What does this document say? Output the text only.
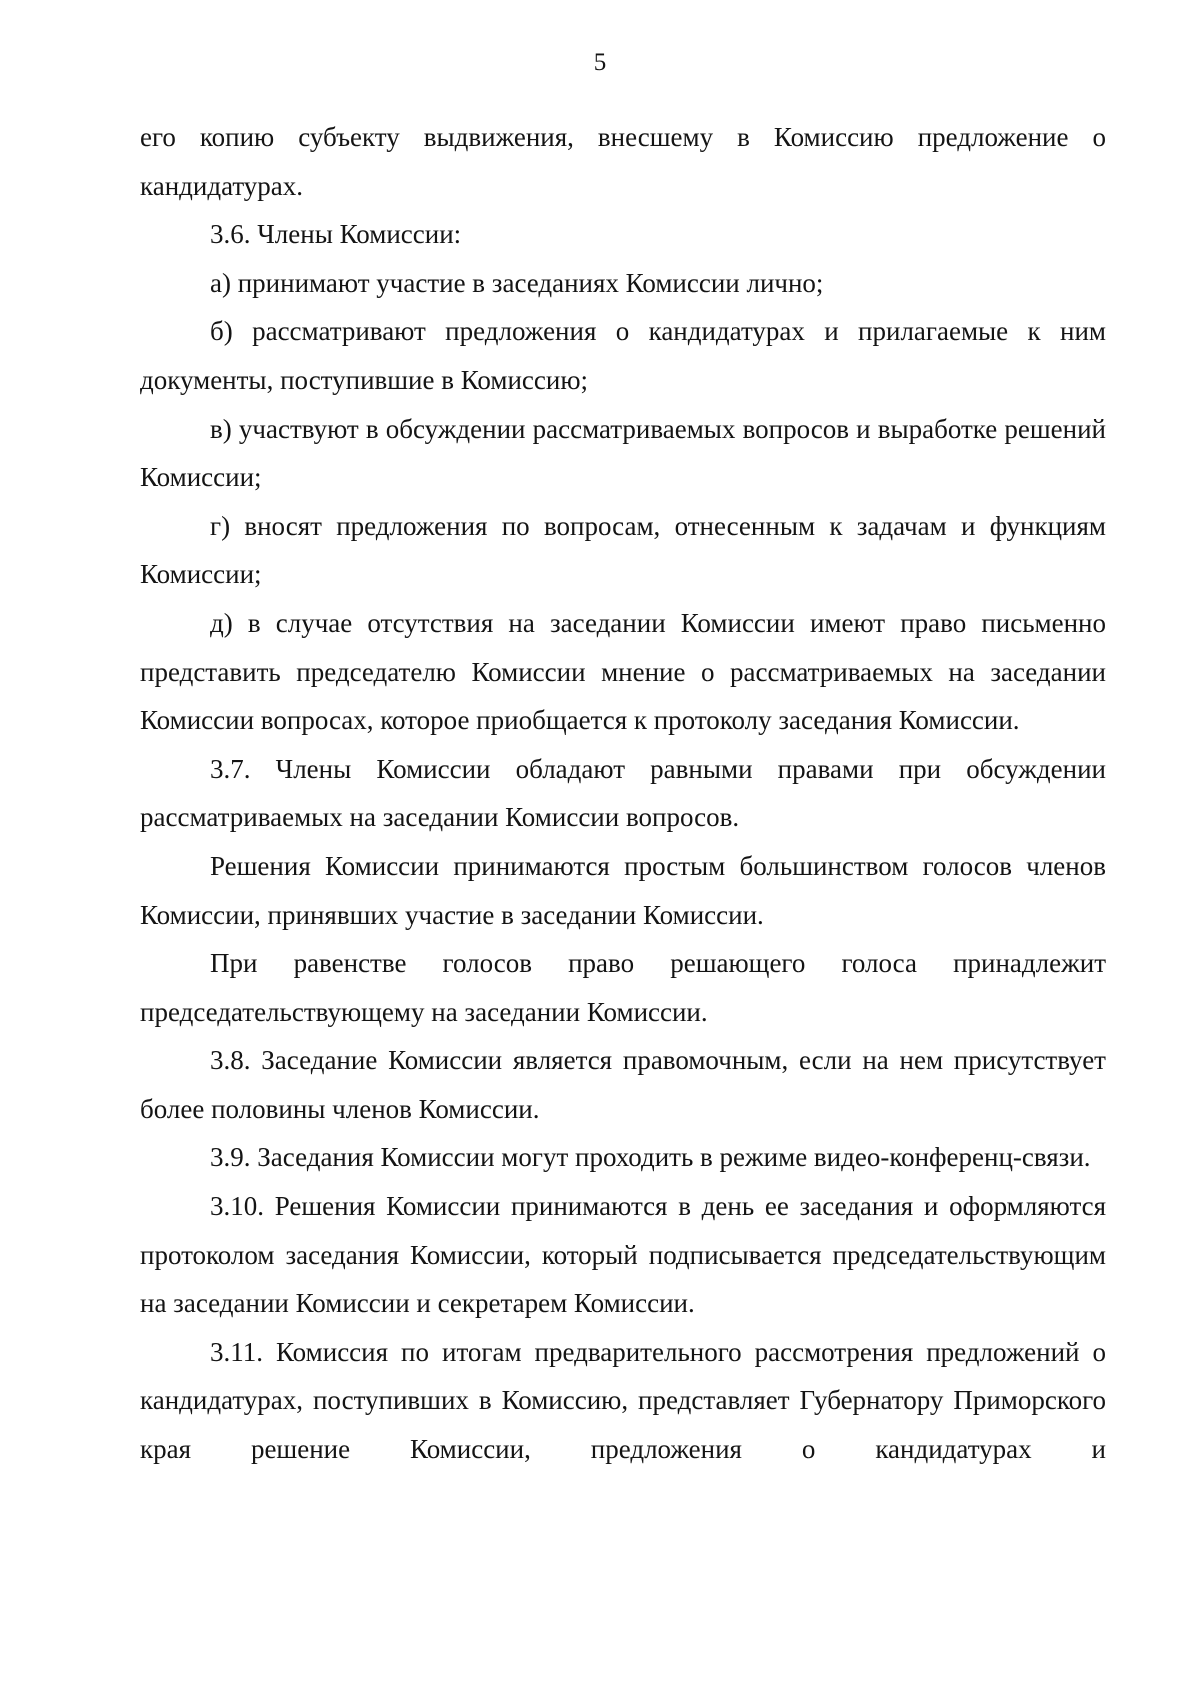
5

его копию субъекту выдвижения, внесшему в Комиссию предложение о кандидатурах.

3.6. Члены Комиссии:

а) принимают участие в заседаниях Комиссии лично;

б) рассматривают предложения о кандидатурах и прилагаемые к ним документы, поступившие в Комиссию;

в) участвуют в обсуждении рассматриваемых вопросов и выработке решений Комиссии;

г) вносят предложения по вопросам, отнесенным к задачам и функциям Комиссии;

д) в случае отсутствия на заседании Комиссии имеют право письменно представить председателю Комиссии мнение о рассматриваемых на заседании Комиссии вопросах, которое приобщается к протоколу заседания Комиссии.

3.7. Члены Комиссии обладают равными правами при обсуждении рассматриваемых на заседании Комиссии вопросов.

Решения Комиссии принимаются простым большинством голосов членов Комиссии, принявших участие в заседании Комиссии.

При равенстве голосов право решающего голоса принадлежит председательствующему на заседании Комиссии.

3.8. Заседание Комиссии является правомочным, если на нем присутствует более половины членов Комиссии.

3.9. Заседания Комиссии могут проходить в режиме видео-конференц-связи.

3.10. Решения Комиссии принимаются в день ее заседания и оформляются протоколом заседания Комиссии, который подписывается председательствующим на заседании Комиссии и секретарем Комиссии.

3.11. Комиссия по итогам предварительного рассмотрения предложений о кандидатурах, поступивших в Комиссию, представляет Губернатору Приморского края решение Комиссии, предложения о кандидатурах и
